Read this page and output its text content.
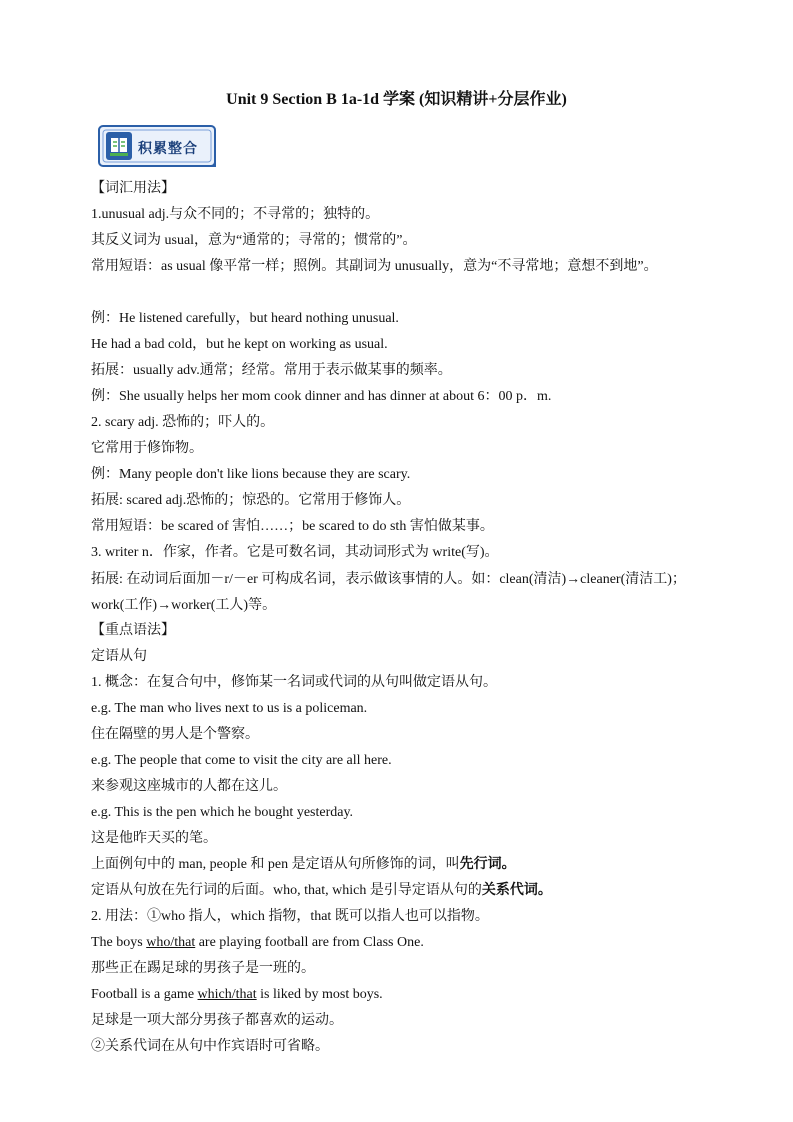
Unit 9 Section B 1a-1d 学案 (知识精讲+分层作业)
积累整合
【词汇用法】
1.unusual adj.与众不同的；不寻常的；独特的。
其反义词为 usual，意为“通常的；寻常的；惯常的”。
常用短语：as usual 像平常一样；照例。其副词为 unusually，意为“不寻常地；意想不到地”。
例：He listened carefully，but heard nothing unusual.
He had a bad cold，but he kept on working as usual.
拓展：usually adv.通常；经常。常用于表示做某事的频率。
例：She usually helps her mom cook dinner and has dinner at about 6：00 p．m.
2. scary adj. 恐怖的；吓人的。
它常用于修饰物。
例：Many people don't like lions because they are scary.
拓展: scared adj.恐怖的；惊恐的。它常用于修饰人。
常用短语：be scared of 害怕……；be scared to do sth 害怕做某事。
3. writer n．作家，作者。它是可数名词，其动词形式为 write(写)。
拓展: 在动词后面加－r/－er 可构成名词，表示做该事情的人。如：clean(清洁)→cleaner(清洁工)；work(工作)→worker(工人)等。
【重点语法】
定语从句
1. 概念：在复合句中，修饰某一名词或代词的从句叫做定语从句。
e.g. The man who lives next to us is a policeman.
住在隔壁的男人是个警察。
e.g. The people that come to visit the city are all here.
来参观这座城市的人都在这儿。
e.g. This is the pen which he bought yesterday.
这是他昨天买的笔。
上面例句中的 man, people 和 pen 是定语从句所修饰的词，叫先行词。
定语从句放在先行词的后面。who, that, which 是引导定语从句的关系代词。
2. 用法：①who 指人，which 指物，that 既可以指人也可以指物。
The boys who/that are playing football are from Class One.
那些正在踢足球的男孩子是一班的。
Football is a game which/that is liked by most boys.
足球是一项大部分男孩子都喜欢的运动。
②关系代词在从句中作宾语时可省略。
